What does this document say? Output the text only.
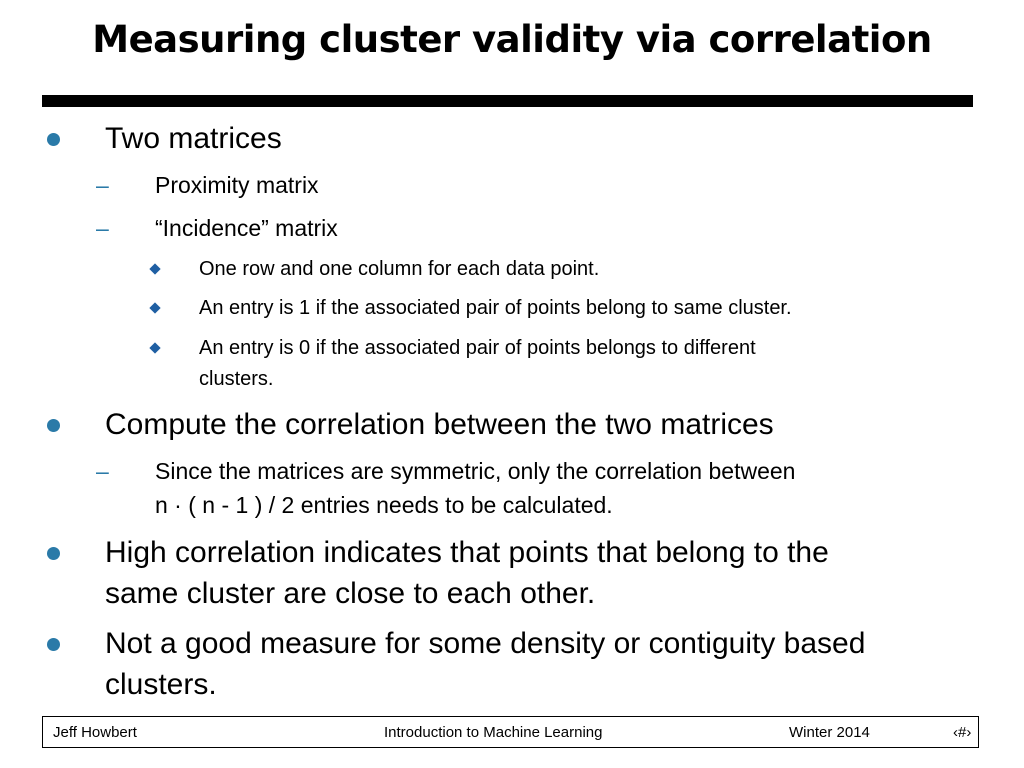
Measuring cluster validity via correlation
Two matrices
– Proximity matrix
– “Incidence” matrix
One row and one column for each data point.
An entry is 1 if the associated pair of points belong to same cluster.
An entry is 0 if the associated pair of points belongs to different
clusters.
Compute the correlation between the two matrices
– Since the matrices are symmetric, only the correlation between
n · ( n - 1 ) / 2 entries needs to be calculated.
High correlation indicates that points that belong to the
same cluster are close to each other.
Not a good measure for some density or contiguity based
clusters.
Jeff Howbert	Introduction to Machine Learning	Winter 2014	‹#›
